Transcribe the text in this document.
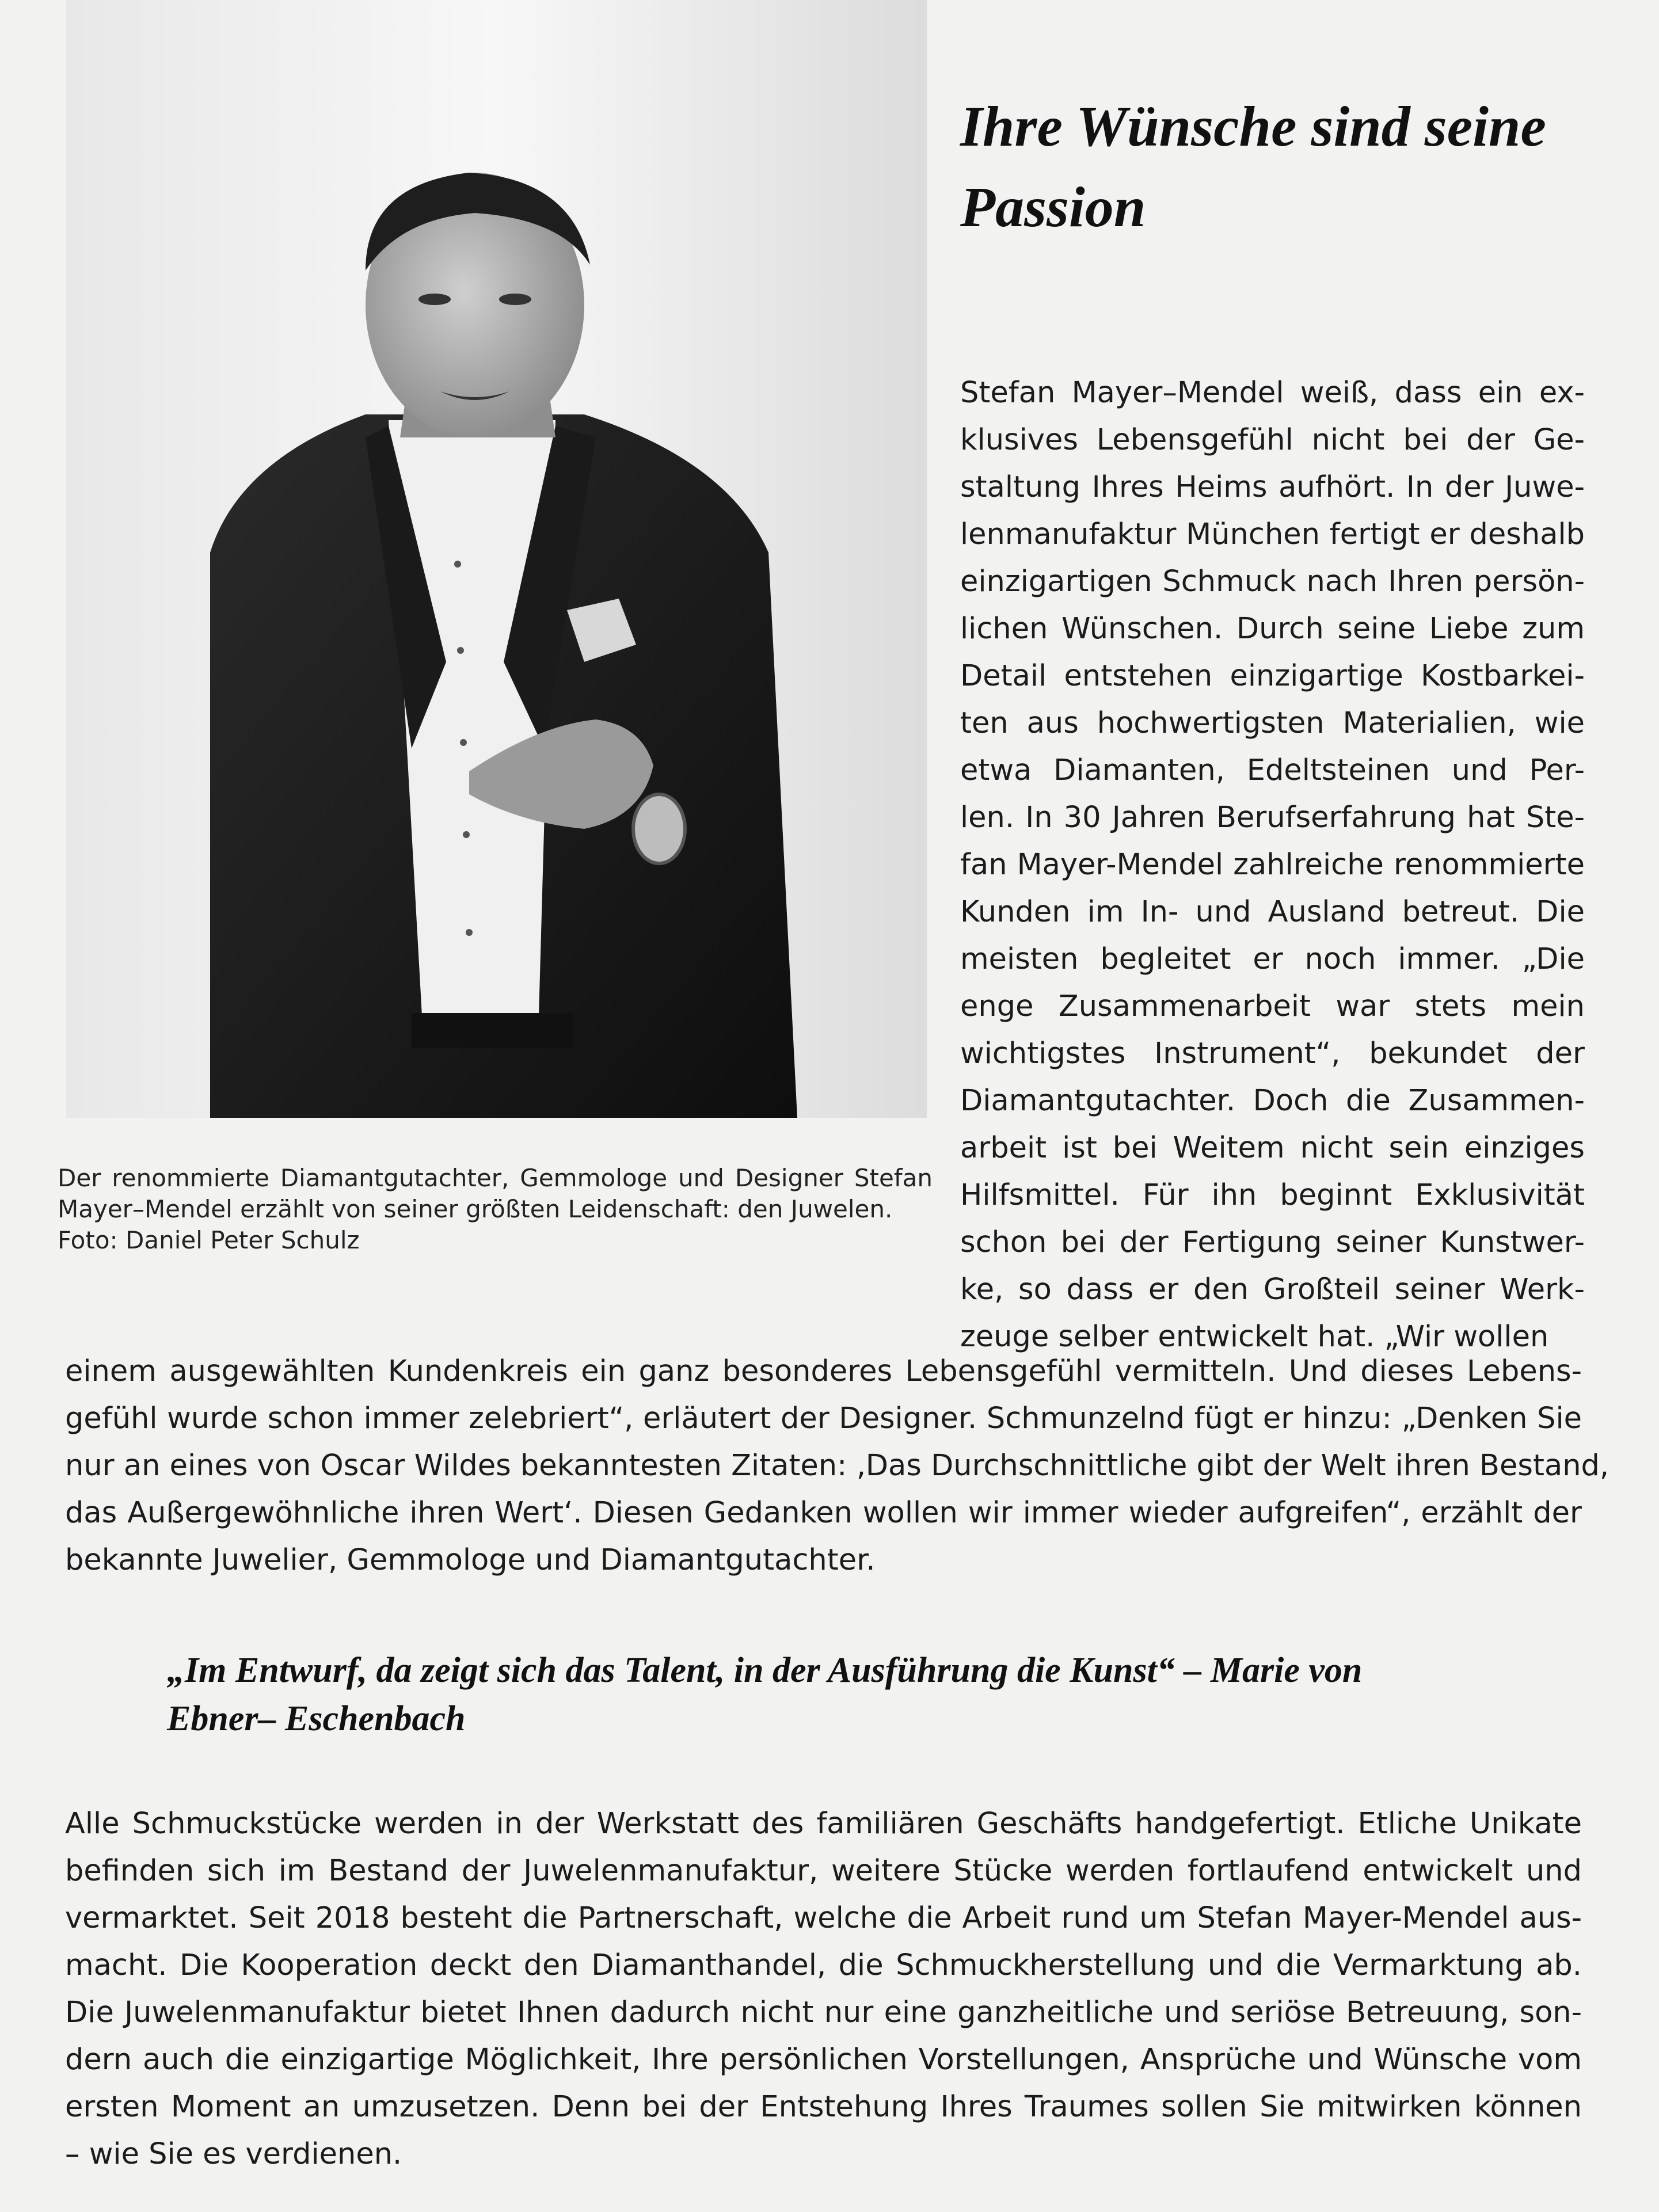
Der renommierte Diamantgutachter, Gemmologe und Designer Stefan

Mayer–Mendel erzählt von seiner größten Leidenschaft: den Juwelen.

Foto: Daniel Peter Schulz

Ihre Wünsche sind seine
Passion
Stefan Mayer–Mendel weiß, dass ein ex-
klusives Lebensgefühl nicht bei der Ge-
staltung Ihres Heims aufhört. In der Juwe-
lenmanufaktur München fertigt er deshalb
einzigartigen Schmuck nach Ihren persön-
lichen Wünschen. Durch seine Liebe zum
Detail entstehen einzigartige Kostbarkei-
ten aus hochwertigsten Materialien, wie
etwa Diamanten, Edeltsteinen und Per-
len. In 30 Jahren Berufserfahrung hat Ste-
fan Mayer-Mendel zahlreiche renommierte
Kunden im In- und Ausland betreut. Die
meisten begleitet er noch immer. „Die
enge Zusammenarbeit war stets mein
wichtigstes Instrument“, bekundet der
Diamantgutachter. Doch die Zusammen-
arbeit ist bei Weitem nicht sein einziges
Hilfsmittel. Für ihn beginnt Exklusivität
schon bei der Fertigung seiner Kunstwer-
ke, so dass er den Großteil seiner Werk-
zeuge selber entwickelt hat. „Wir wollen
einem ausgewählten Kundenkreis ein ganz besonderes Lebensgefühl vermitteln. Und dieses Lebens-
gefühl wurde schon immer zelebriert“, erläutert der Designer. Schmunzelnd fügt er hinzu: „Denken Sie
nur an eines von Oscar Wildes bekanntesten Zitaten: ‚Das Durchschnittliche gibt der Welt ihren Bestand,
das Außergewöhnliche ihren Wert‘. Diesen Gedanken wollen wir immer wieder aufgreifen“, erzählt der
bekannte Juwelier, Gemmologe und Diamantgutachter.

„Im Entwurf, da zeigt sich das Talent, in der Ausführung die Kunst“ – Marie von
Ebner– Eschenbach

Alle Schmuckstücke werden in der Werkstatt des familiären Geschäfts handgefertigt. Etliche Unikate
befinden sich im Bestand der Juwelenmanufaktur, weitere Stücke werden fortlaufend entwickelt und
vermarktet. Seit 2018 besteht die Partnerschaft, welche die Arbeit rund um Stefan Mayer-Mendel aus-
macht. Die Kooperation deckt den Diamanthandel, die Schmuckherstellung und die Vermarktung ab.
Die Juwelenmanufaktur bietet Ihnen dadurch nicht nur eine ganzheitliche und seriöse Betreuung, son-
dern auch die einzigartige Möglichkeit, Ihre persönlichen Vorstellungen, Ansprüche und Wünsche vom
ersten Moment an umzusetzen. Denn bei der Entstehung Ihres Traumes sollen Sie mitwirken können
– wie Sie es verdienen.
